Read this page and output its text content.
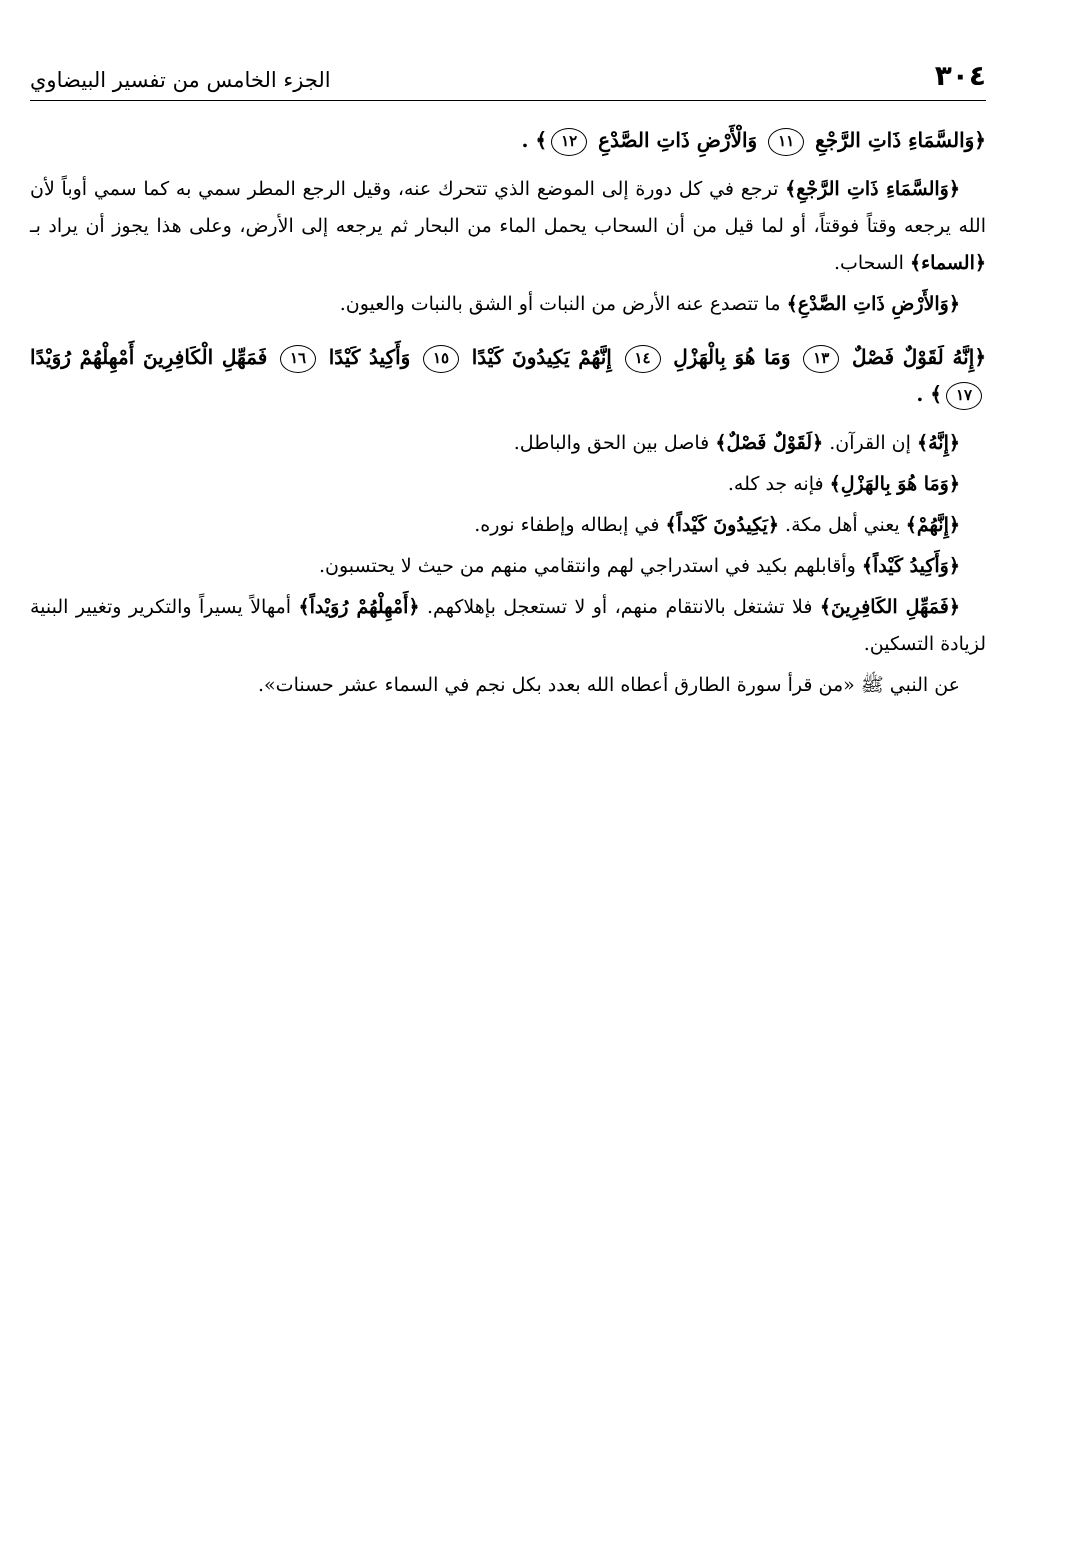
٣٠٤
الجزء الخامس من تفسير البيضاوي
﴿وَالسَّمَاءِ ذَاتِ الرَّجْعِ ١١ وَالْأَرْضِ ذَاتِ الصَّدْعِ ١٢﴾ .

﴿وَالسَّمَاءِ ذَاتِ الرَّجْعِ﴾ ترجع في كل دورة إلى الموضع الذي تتحرك عنه، وقيل الرجع المطر سمي به كما سمي أوباً لأن الله يرجعه وقتاً فوقتاً، أو لما قيل من أن السحاب يحمل الماء من البحار ثم يرجعه إلى الأرض، وعلى هذا يجوز أن يراد بـ ﴿السماء﴾ السحاب.

﴿وَالأَرْضِ ذَاتِ الصَّدْعِ﴾ ما تتصدع عنه الأرض من النبات أو الشق بالنبات والعيون.

﴿إِنَّهُ لَقَوْلٌ فَصْلٌ ١٣ وَمَا هُوَ بِالْهَزْلِ ١٤ إِنَّهُمْ يَكِيدُونَ كَيْدًا ١٥ وَأَكِيدُ كَيْدًا ١٦ فَمَهِّلِ الْكَافِرِينَ أَمْهِلْهُمْ رُوَيْدًا ١٧﴾ .

﴿إِنَّهُ﴾ إن القرآن. ﴿لَقَوْلٌ فَصْلٌ﴾ فاصل بين الحق والباطل.

﴿وَمَا هُوَ بِالهَزْلِ﴾ فإنه جد كله.

﴿إِنَّهُمْ﴾ يعني أهل مكة. ﴿يَكِيدُونَ كَيْداً﴾ في إبطاله وإطفاء نوره.

﴿وَأَكِيدُ كَيْداً﴾ وأقابلهم بكيد في استدراجي لهم وانتقامي منهم من حيث لا يحتسبون.

﴿فَمَهِّلِ الكَافِرِينَ﴾ فلا تشتغل بالانتقام منهم، أو لا تستعجل بإهلاكهم. ﴿أَمْهِلْهُمْ رُوَيْداً﴾ أمهالاً يسيراً والتكرير وتغيير البنية لزيادة التسكين.

عن النبي ﷺ «من قرأ سورة الطارق أعطاه الله بعدد بكل نجم في السماء عشر حسنات».
